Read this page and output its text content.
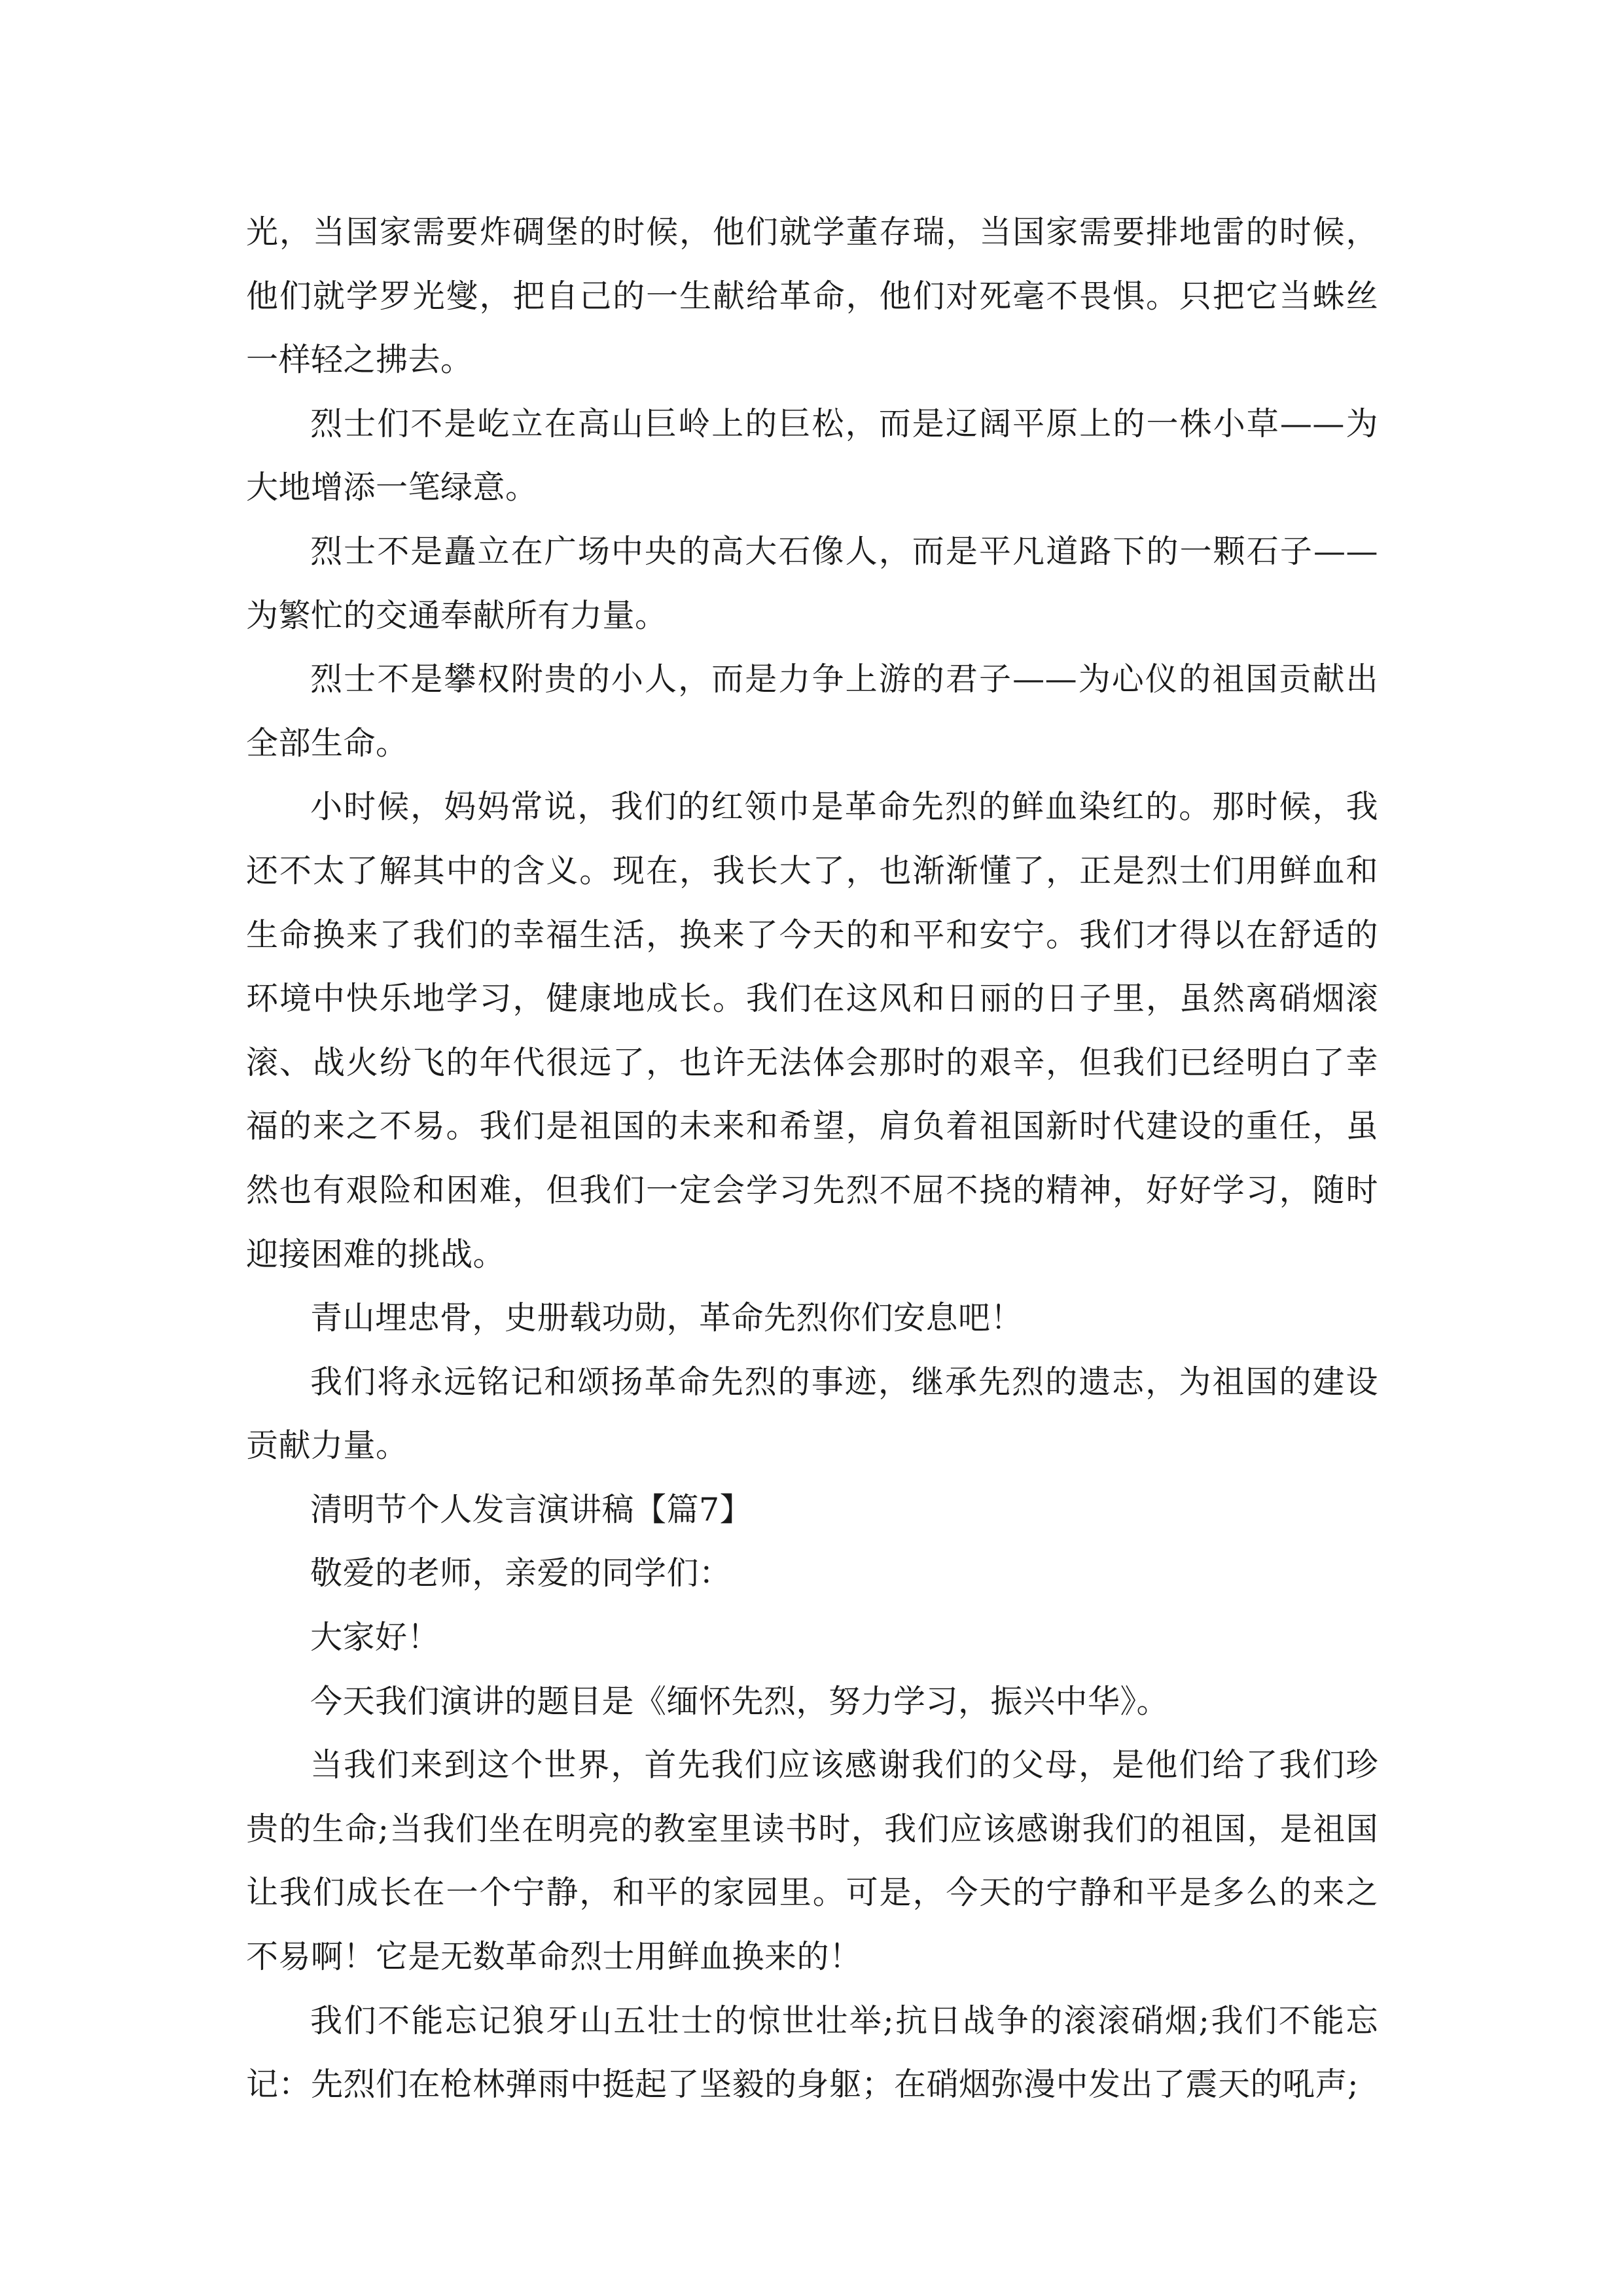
光，当国家需要炸碉堡的时候，他们就学董存瑞，当国家需要排地雷的时候，他们就学罗光燮，把自己的一生献给革命，他们对死毫不畏惧。只把它当蛛丝一样轻之拂去。

烈士们不是屹立在高山巨岭上的巨松，而是辽阔平原上的一株小草——为大地增添一笔绿意。

烈士不是矗立在广场中央的高大石像人，而是平凡道路下的一颗石子——为繁忙的交通奉献所有力量。

烈士不是攀权附贵的小人，而是力争上游的君子——为心仪的祖国贡献出全部生命。

小时候，妈妈常说，我们的红领巾是革命先烈的鲜血染红的。那时候，我还不太了解其中的含义。现在，我长大了，也渐渐懂了，正是烈士们用鲜血和生命换来了我们的幸福生活，换来了今天的和平和安宁。我们才得以在舒适的环境中快乐地学习，健康地成长。我们在这风和日丽的日子里，虽然离硝烟滚滚、战火纷飞的年代很远了，也许无法体会那时的艰辛，但我们已经明白了幸福的来之不易。我们是祖国的未来和希望，肩负着祖国新时代建设的重任，虽然也有艰险和困难，但我们一定会学习先烈不屈不挠的精神，好好学习，随时迎接困难的挑战。

青山埋忠骨，史册载功勋，革命先烈你们安息吧！

我们将永远铭记和颂扬革命先烈的事迹，继承先烈的遗志，为祖国的建设贡献力量。

清明节个人发言演讲稿【篇7】

敬爱的老师，亲爱的同学们：

大家好！

今天我们演讲的题目是《缅怀先烈，努力学习，振兴中华》。

当我们来到这个世界，首先我们应该感谢我们的父母，是他们给了我们珍贵的生命;当我们坐在明亮的教室里读书时，我们应该感谢我们的祖国，是祖国让我们成长在一个宁静，和平的家园里。可是，今天的宁静和平是多么的来之不易啊！它是无数革命烈士用鲜血换来的！

我们不能忘记狼牙山五壮士的惊世壮举;抗日战争的滚滚硝烟;我们不能忘记：先烈们在枪林弹雨中挺起了坚毅的身躯；在硝烟弥漫中发出了震天的吼声;
